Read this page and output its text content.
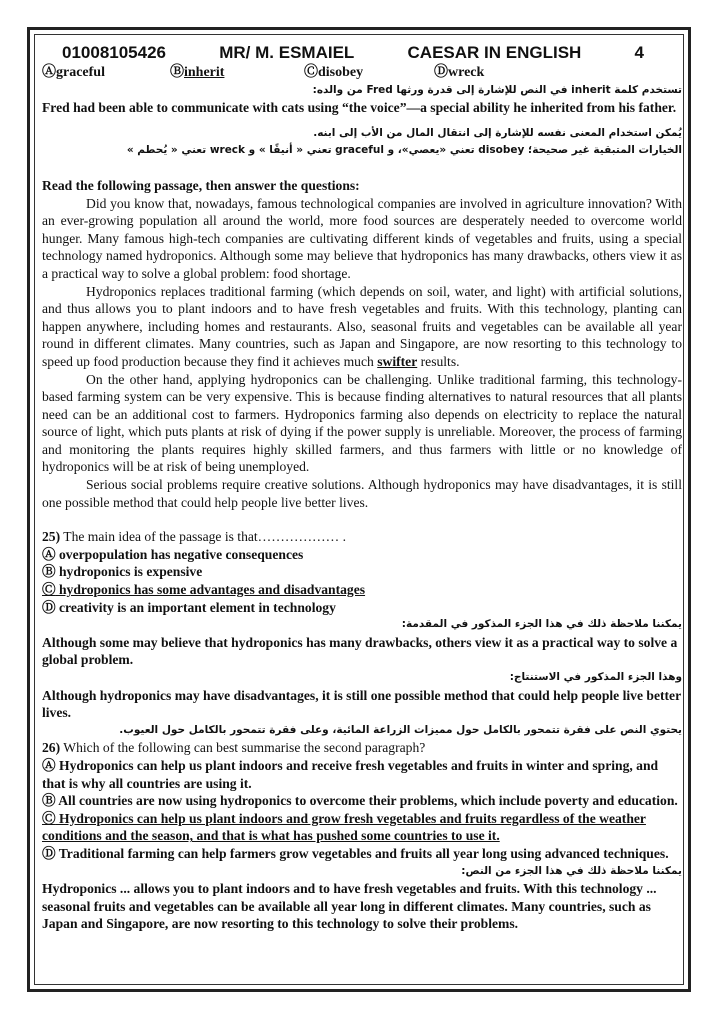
01008105426	MR/ M. ESMAIEL	CAESAR IN ENGLISH	4
Ⓐgraceful	Ⓑinherit	Ⓒdisobey	Ⓓwreck

تستخدم كلمة inherit في النص للإشارة إلى قدرة ورثها Fred من والده:

Fred had been able to communicate with cats using “the voice”—a special ability he inherited from his father.

يُمكن استخدام المعنى نفسه للإشارة إلى انتقال المال من الأب إلى ابنه.

الخيارات المتبقية غير صحيحة؛ disobey تعني «يعصي»، و graceful تعني « أنيقًا » و wreck تعني « يُحطم »

Read the following passage, then answer the questions:

Did you know that, nowadays, famous technological companies are involved in agriculture innovation? With an ever-growing population all around the world, more food sources are desperately needed to overcome world hunger. Many famous high-tech companies are cultivating different kinds of vegetables and fruits, using a special technology named hydroponics. Although some may believe that hydroponics has many drawbacks, others view it as a practical way to solve a global problem: food shortage.

Hydroponics replaces traditional farming (which depends on soil, water, and light) with artificial solutions, and thus allows you to plant indoors and to have fresh vegetables and fruits. With this technology, planting can happen anywhere, including homes and restaurants. Also, seasonal fruits and vegetables can be available all year round in different climates. Many countries, such as Japan and Singapore, are now resorting to this technology to speed up food production because they find it achieves much swifter results.

On the other hand, applying hydroponics can be challenging. Unlike traditional farming, this technology-based farming system can be very expensive. This is because finding alternatives to natural resources that all plants need can be an additional cost to farmers. Hydroponics farming also depends on electricity to replace the natural source of light, which puts plants at risk of dying if the power supply is unreliable. Moreover, the process of farming and monitoring the plants requires highly skilled farmers, and thus farmers with little or no knowledge of hydroponics will be at risk of being unemployed.

Serious social problems require creative solutions. Although hydroponics may have disadvantages, it is still one possible method that could help people live better lives.

25) The main idea of the passage is that……………… .

Ⓐ overpopulation has negative consequences

Ⓑ hydroponics is expensive

Ⓒ hydroponics has some advantages and disadvantages

Ⓓ creativity is an important element in technology

يمكننا ملاحظة ذلك في هذا الجزء المذكور في المقدمة:

Although some may believe that hydroponics has many drawbacks, others view it as a practical way to solve a global problem.

وهذا الجزء المذكور في الاستنتاج:

Although hydroponics may have disadvantages, it is still one possible method that could help people live better lives.

يحتوي النص على فقرة تتمحور بالكامل حول مميزات الزراعة المائية، وعلى فقرة تتمحور بالكامل حول العيوب.

26) Which of the following can best summarise the second paragraph?

Ⓐ Hydroponics can help us plant indoors and receive fresh vegetables and fruits in winter and spring, and that is why all countries are using it.

Ⓑ All countries are now using hydroponics to overcome their problems, which include poverty and education.

Ⓒ Hydroponics can help us plant indoors and grow fresh vegetables and fruits regardless of the weather conditions and the season, and that is what has pushed some countries to use it.

Ⓓ Traditional farming can help farmers grow vegetables and fruits all year long using advanced techniques.

يمكننا ملاحظة ذلك في هذا الجزء من النص:

Hydroponics ... allows you to plant indoors and to have fresh vegetables and fruits. With this technology ... seasonal fruits and vegetables can be available all year long in different climates. Many countries, such as Japan and Singapore, are now resorting to this technology to solve their problems.
